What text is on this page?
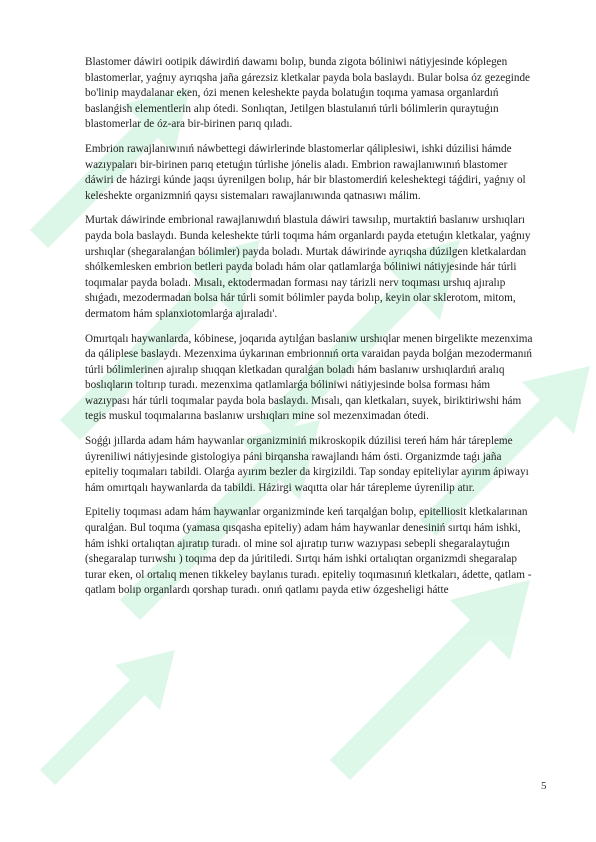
Blastomer dáwiri ootipik dáwirdiń dawamı bolıp, bunda zigota bóliniwi nátiyjesinde kóplegen blastomerlar, yaǵnıy ayrıqsha jaña gárezsiz kletkalar payda bola baslaydı. Bular bolsa óz gezeginde bo'linip maydalanar eken, ózi menen keleshekte payda bolatuǵın toqıma yamasa organlardıń baslanǵish elementlerin alıp ótedi. Sonlıqtan, Jetilgen blastulanıń túrli bólimlerin quraytuǵın blastomerlar de óz-ara bir-birinen parıq qıladı.

Embrion rawajlanıwınıń náwbettegi dáwirlerinde blastomerlar qáliplesiwi, ishki dúzilisi hámde wazıypaları bir-birinen parıq etetuǵın túrlishe jónelis aladı. Embrion rawajlanıwınıń blastomer dáwiri de házirgi kúnde jaqsı úyrenilgen bolıp, hár bir blastomerdiń keleshektegi táǵdiri, yaǵnıy ol keleshekte organizmniń qaysı sistemaları rawajlanıwında qatnasıwı málim.

Murtak dáwirinde embrional rawajlanıwdıń blastula dáwiri tawsılıp, murtaktiń baslanıw urshıqları payda bola baslaydı. Bunda keleshekte túrli toqıma hám organlardı payda etetuǵın kletkalar, yaǵnıy urshıqlar (shegaralanǵan bólimler) payda boladı. Murtak dáwirinde ayrıqsha dúzilgen kletkalardan shólkemlesken embrion betleri payda boladı hám olar qatlamlarǵa bóliniwi nátiyjesinde hár túrli toqımalar payda boladı. Mısalı, ektodermadan forması nay tárizli nerv toqıması urshıq ajıralıp shıǵadı, mezodermadan bolsa hár túrli somit bólimler payda bolıp, keyin olar sklerotom, mitom, dermatom hám splanxiotomlarǵa ajıraladı'.

Omırtqalı haywanlarda, kóbinese, joqarıda aytılǵan baslanıw urshıqlar menen birgelikte mezenxima da qáliplese baslaydı. Mezenxima úykarınan embrionnıń orta varaidan payda bolǵan mezodermanıń túrli bólimlerinen ajıralıp shıqqan kletkadan quralǵan boladı hám baslanıw urshıqlardıń aralıq boslıqların toltırıp turadı. mezenxima qatlamlarǵa bóliniwi nátiyjesinde bolsa forması hám wazıypası hár túrli toqımalar payda bola baslaydı. Mısalı, qan kletkaları, suyek, biriktiriwshi hám tegis muskul toqımalarına baslanıw urshıqları mine sol mezenximadan ótedi.

Soǵǵı jıllarda adam hám haywanlar organizminiń mikroskopik dúzilisi tereń hám hár tárepleme úyreniliwi nátiyjesinde gistologiya páni birqansha rawajlandı hám ósti. Organizmde taǵı jaña epiteliy toqımaları tabildi. Olarǵa ayırım bezler da kirgizildi. Tap sonday epiteliylar ayırım ápiwayı hám omırtqalı haywanlarda da tabildi. Házirgi waqıtta olar hár tárepleme úyrenilip atır.

Epiteliy toqıması adam hám haywanlar organizminde keń tarqalǵan bolıp, epitelliosit kletkalarınan quralǵan. Bul toqıma (yamasa qısqasha epiteliy) adam hám haywanlar denesiniń sırtqı hám ishki, hám ishki ortalıqtan ajıratıp turadı. ol mine sol ajıratıp turıw wazıypası sebepli shegaralaytuǵın (shegaralap turıwshı ) toqıma dep da júritiledi. Sırtqı hám ishki ortalıqtan organizmdi shegaralap turar eken, ol ortalıq menen tikkeley baylanıs turadı. epiteliy toqımasınıń kletkaları, ádette, qatlam - qatlam bolıp organlardı qorshap turadı. onıń qatlamı payda etiw ózgesheligi hátte

5
